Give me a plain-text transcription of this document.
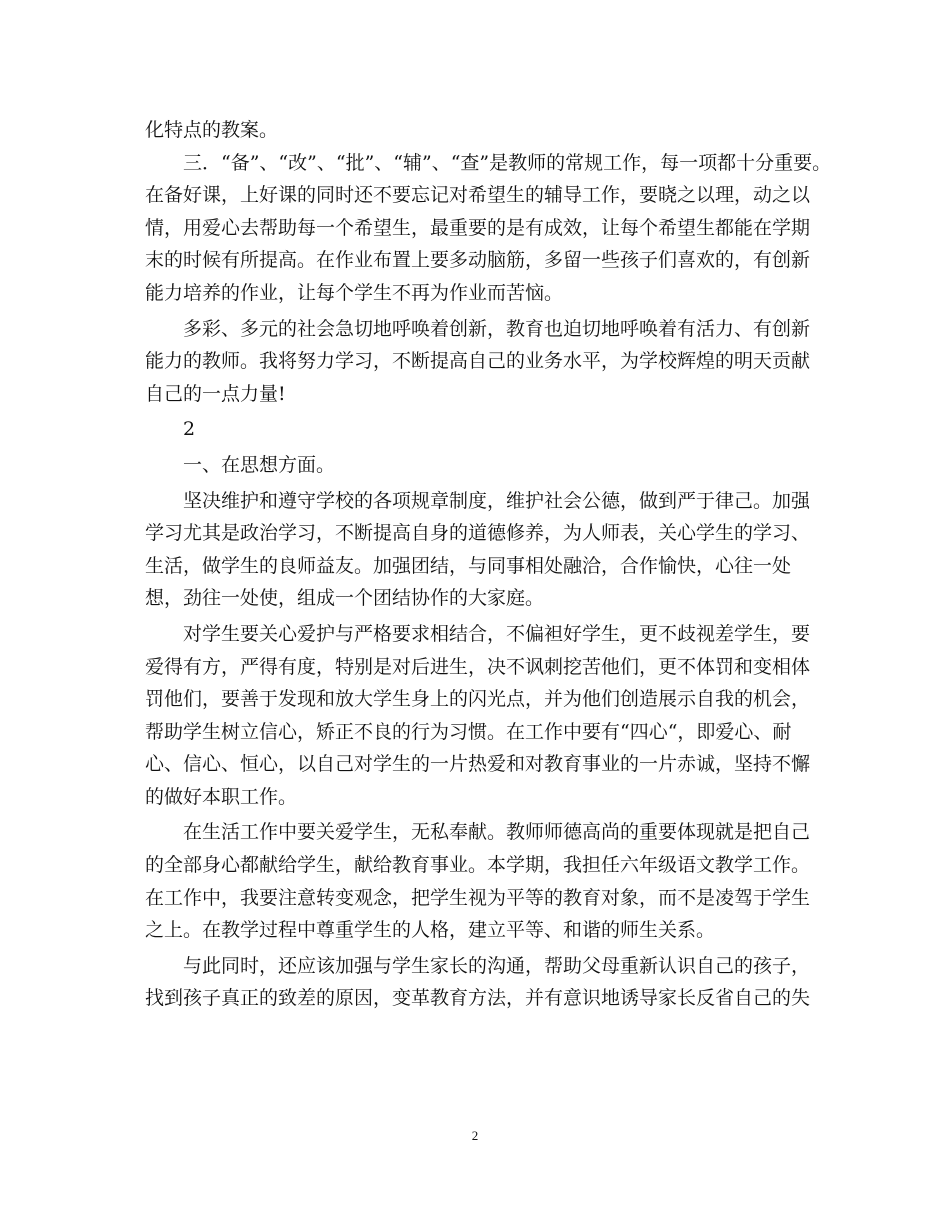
化特点的教案。
三．“备”、“改”、“批”、“辅”、“查”是教师的常规工作，每一项都十分重要。
在备好课，上好课的同时还不要忘记对希望生的辅导工作，要晓之以理，动之以
情，用爱心去帮助每一个希望生，最重要的是有成效，让每个希望生都能在学期
末的时候有所提高。在作业布置上要多动脑筋，多留一些孩子们喜欢的，有创新
能力培养的作业，让每个学生不再为作业而苦恼。
多彩、多元的社会急切地呼唤着创新，教育也迫切地呼唤着有活力、有创新
能力的教师。我将努力学习，不断提高自己的业务水平，为学校辉煌的明天贡献
自己的一点力量!
2
一、在思想方面。
坚决维护和遵守学校的各项规章制度，维护社会公德，做到严于律己。加强
学习尤其是政治学习，不断提高自身的道德修养，为人师表，关心学生的学习、
生活，做学生的良师益友。加强团结，与同事相处融洽，合作愉快，心往一处
想，劲往一处使，组成一个团结协作的大家庭。
对学生要关心爱护与严格要求相结合，不偏袒好学生，更不歧视差学生，要
爱得有方，严得有度，特别是对后进生，决不讽刺挖苦他们，更不体罚和变相体
罚他们，要善于发现和放大学生身上的闪光点，并为他们创造展示自我的机会，
帮助学生树立信心，矫正不良的行为习惯。在工作中要有“四心“，即爱心、耐
心、信心、恒心，以自己对学生的一片热爱和对教育事业的一片赤诚，坚持不懈
的做好本职工作。
在生活工作中要关爱学生，无私奉献。教师师德高尚的重要体现就是把自己
的全部身心都献给学生，献给教育事业。本学期，我担任六年级语文教学工作。
在工作中，我要注意转变观念，把学生视为平等的教育对象，而不是凌驾于学生
之上。在教学过程中尊重学生的人格，建立平等、和谐的师生关系。
与此同时，还应该加强与学生家长的沟通，帮助父母重新认识自己的孩子，
找到孩子真正的致差的原因，变革教育方法，并有意识地诱导家长反省自己的失
2
